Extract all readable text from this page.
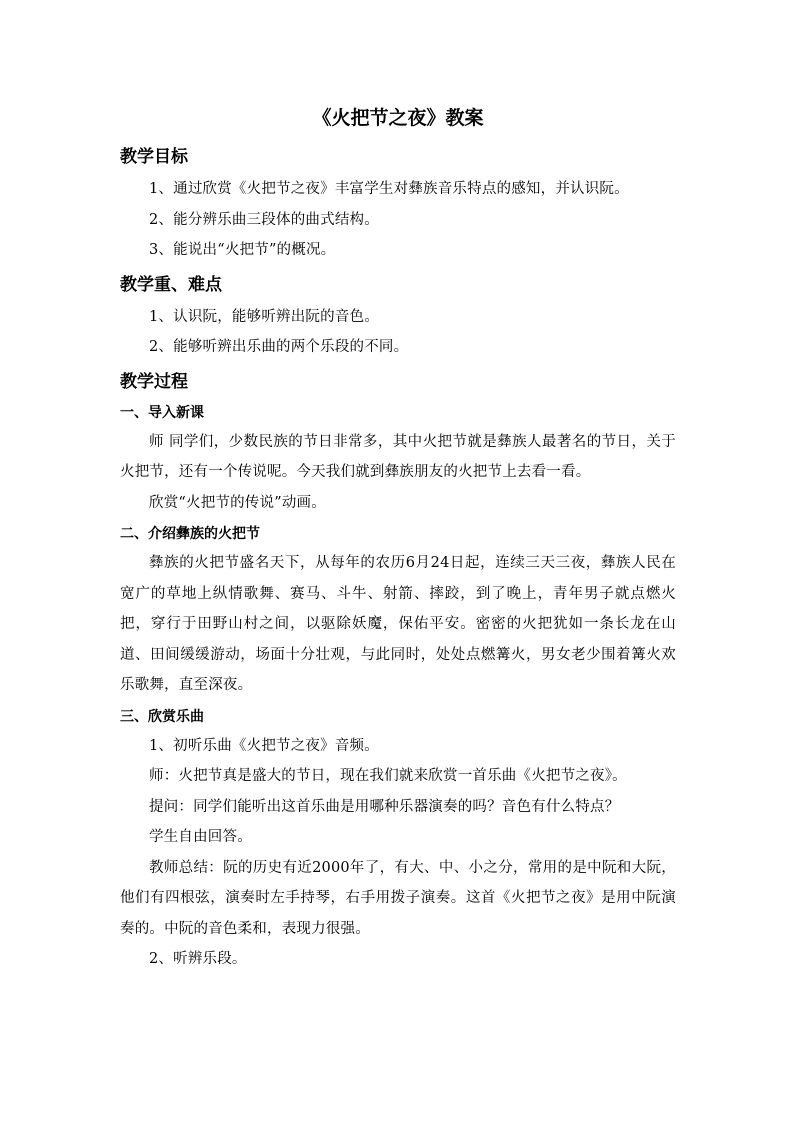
《火把节之夜》教案
教学目标

1、通过欣赏《火把节之夜》丰富学生对彝族音乐特点的感知，并认识阮。

2、能分辨乐曲三段体的曲式结构。

3、能说出“火把节”的概况。

教学重、难点

1、认识阮，能够听辨出阮的音色。

2、能够听辨出乐曲的两个乐段的不同。

教学过程
一、导入新课

师 同学们，少数民族的节日非常多，其中火把节就是彝族人最著名的节日，关于火把节，还有一个传说呢。今天我们就到彝族朋友的火把节上去看一看。

欣赏“火把节的传说”动画。

二、介绍彝族的火把节

彝族的火把节盛名天下，从每年的农历6月24日起，连续三天三夜，彝族人民在宽广的草地上纵情歌舞、赛马、斗牛、射箭、摔跤，到了晚上，青年男子就点燃火把，穿行于田野山村之间，以驱除妖魔，保佑平安。密密的火把犹如一条长龙在山道、田间缓缓游动，场面十分壮观，与此同时，处处点燃篝火，男女老少围着篝火欢乐歌舞，直至深夜。

三、欣赏乐曲

1、初听乐曲《火把节之夜》音频。

师：火把节真是盛大的节日，现在我们就来欣赏一首乐曲《火把节之夜》。

提问：同学们能听出这首乐曲是用哪种乐器演奏的吗？音色有什么特点？

学生自由回答。

教师总结：阮的历史有近2000年了，有大、中、小之分，常用的是中阮和大阮，他们有四根弦，演奏时左手持琴，右手用拨子演奏。这首《火把节之夜》是用中阮演奏的。中阮的音色柔和，表现力很强。

2、听辨乐段。
